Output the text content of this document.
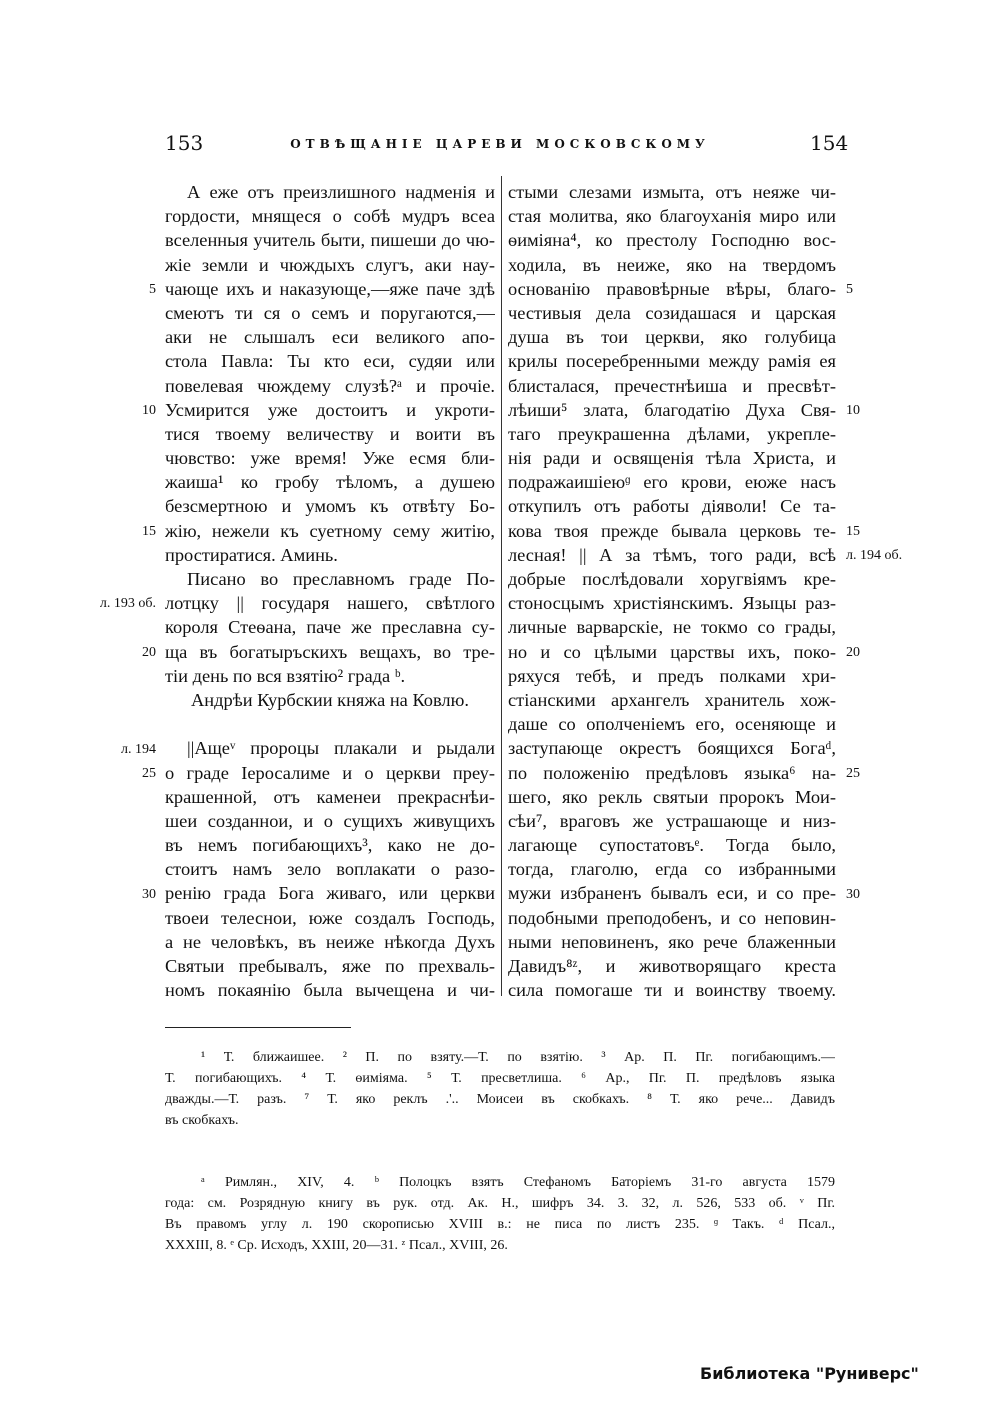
153	ОТВѢЩАНІЕ ЦАРЕВИ МОСКОВСКОМУ	154
А еже отъ преизлишного надменія и
гордости, мнящеся о собѣ мудръ всеа
вселенныя учитель быти, пишеши до чю-
жіе земли и чюждыхъ слугъ, аки нау-
чающе ихъ и наказующе,—яже паче здѣ
смеютъ ти ся о семъ и поругаются,—
аки не слышалъ еси великого апо-
стола Павла: Ты кто еси, судяи или
повелевая чюждему слузѣ?ᵃ и прочіе.
Усмирится уже достоитъ и укроти-
тися твоему величеству и воити въ
чювство: уже время! Уже есмя бли-
жаиша¹ ко гробу тѣломъ, а душею
безсмертною и умомъ къ отвѣту Бо-
жію, нежели къ суетному сему житію,
простиратися. Аминь.
Писано во преславномъ граде По-
лотцку || государя нашего, свѣтлого
короля Стеѳана, паче же преславна су-
ща въ богатыръскихъ вещахъ, во тре-
тіи день по вся взятію² града ᵇ.
Андрѣи Курбскии княжа на Ковлю.
||Ащеᵛ пророцы плакали и рыдали
о граде Іеросалиме и о церкви преу-
крашенной, отъ каменеи прекраснѣи-
шеи созданнои, и о сущихъ живущихъ
въ немъ погибающихъ³, како не до-
стоитъ намъ зело воплакати о разо-
ренію града Бога живаго, или церкви
твоеи телеснои, юже создалъ Господь,
а не человѣкъ, въ неиже нѣкогда Духъ
Святыи пребывалъ, яже по прехваль-
номъ покаянію была вычещена и чи-
стыми слезами измыта, отъ неяже чи-
стая молитва, яко благоуханія миро или
ѳиміяна⁴, ко престолу Господню вос-
ходила, въ неиже, яко на твердомъ
основанію правовѣрные вѣры, благо-
честивыя дела созидашася и царская
душа въ тои церкви, яко голубица
крилы посеребренными между рамія ея
блисталася, пречестнѣиша и пресвѣт-
лѣиши⁵ злата, благодатію Духа Свя-
таго преукрашенна дѣлами, укрепле-
нія ради и освященія тѣла Христа, и
подражаишіеюᶢ его крови, еюже насъ
откупилъ отъ работы діяволи! Се та-
кова твоя прежде бывала церковь те-
лесная! || А за тѣмъ, того ради, всѣ
добрые послѣдовали хоругвіямъ кре-
стоносцымъ христіянскимъ. Языцы раз-
личные варварскіе, не токмо со грады,
но и со цѣлыми царствы ихъ, поко-
ряхуся тебѣ, и предъ полками хри-
стіанскими архангелъ хранитель хож-
даше со ополченіемъ его, осеняюще и
заступающе окрестъ боящихся Богаᵈ,
по положенію предѣловъ языка⁶ на-
шего, яко рекль святыи пророкъ Мои-
сѣи⁷, враговъ же устрашающе и низ-
лагающе супостатовъᵉ. Тогда было,
тогда, глаголю, егда со избранными
мужи избраненъ бывалъ еси, и со пре-
подобными преподобенъ, и со неповин-
ными неповиненъ, яко рече блаженныи
Давидъ⁸ᶻ, и животворящаго креста
сила помогаше ти и воинству твоему.
5
10
15
л. 193 об.
20
л. 194
25
30
5
10
15
л. 194 об.
20
25
30
¹ Т. ближаишее. ² П. по взяту.—Т. по взятію. ³ Ар. П. Пг. погибающимъ.—
Т. погибающихъ. ⁴ Т. ѳиміяма. ⁵ Т. пресветлиша. ⁶ Ар., Пг. П. предѣловъ языка
дважды.—Т. разъ. ⁷ Т. яко реклъ .'.. Моисеи въ скобкахъ. ⁸ Т. яко рече... Давидъ
въ скобкахъ.
ᵃ Римлян., XIV, 4. ᵇ Полоцкъ взятъ Стефаномъ Баторіемъ 31-го августа 1579
года: см. Розрядную книгу въ рук. отд. Ак. Н., шифръ 34. 3. 32, л. 526, 533 об. ᵛ Пг.
Въ правомъ углу л. 190 скорописью XVIII в.: не писа по листъ 235. ᶢ Такъ. ᵈ Псал.,
XXXIII, 8. ᵉ Ср. Исходъ, XXIII, 20—31. ᶻ Псал., XVIII, 26.
Библиотека "Руниверс"
